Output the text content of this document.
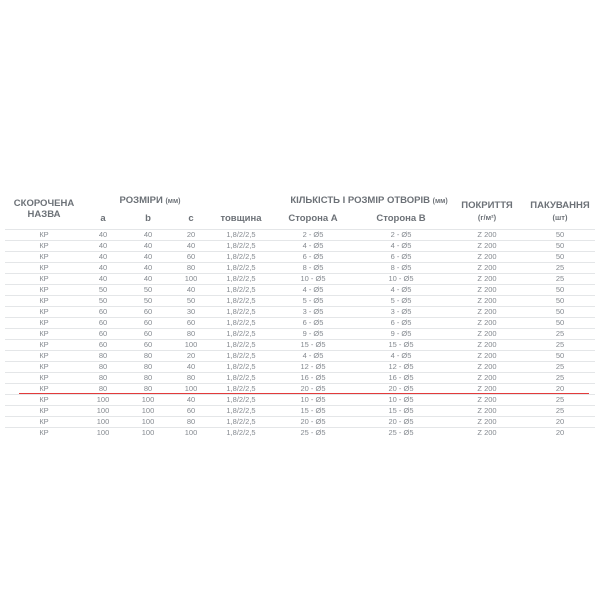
СКОРОЧЕНА
НАЗВА
РОЗМІРИ (мм)
a	b	c	товщина
КІЛЬКІСТЬ І РОЗМІР ОТВОРІВ (мм)
Сторона А	Сторона В
ПОКРИТТЯ
(г/м²)
ПАКУВАННЯ
(шт)
КР	40	40	20	1,8/2/2,5	2 - Ø5	2 - Ø5	Z 200	50
КР	40	40	40	1,8/2/2,5	4 - Ø5	4 - Ø5	Z 200	50
КР	40	40	60	1,8/2/2,5	6 - Ø5	6 - Ø5	Z 200	50
КР	40	40	80	1,8/2/2,5	8 - Ø5	8 - Ø5	Z 200	25
КР	40	40	100	1,8/2/2,5	10 - Ø5	10 - Ø5	Z 200	25
КР	50	50	40	1,8/2/2,5	4 - Ø5	4 - Ø5	Z 200	50
КР	50	50	50	1,8/2/2,5	5 - Ø5	5 - Ø5	Z 200	50
КР	60	60	30	1,8/2/2,5	3 - Ø5	3 - Ø5	Z 200	50
КР	60	60	60	1,8/2/2,5	6 - Ø5	6 - Ø5	Z 200	50
КР	60	60	80	1,8/2/2,5	9 - Ø5	9 - Ø5	Z 200	25
КР	60	60	100	1,8/2/2,5	15 - Ø5	15 - Ø5	Z 200	25
КР	80	80	20	1,8/2/2,5	4 - Ø5	4 - Ø5	Z 200	50
КР	80	80	40	1,8/2/2,5	12 - Ø5	12 - Ø5	Z 200	25
КР	80	80	80	1,8/2/2,5	16 - Ø5	16 - Ø5	Z 200	25
КР	80	80	100	1,8/2/2,5	20 - Ø5	20 - Ø5	Z 200	20
КР	100	100	40	1,8/2/2,5	10 - Ø5	10 - Ø5	Z 200	25
КР	100	100	60	1,8/2/2,5	15 - Ø5	15 - Ø5	Z 200	25
КР	100	100	80	1,8/2/2,5	20 - Ø5	20 - Ø5	Z 200	20
КР	100	100	100	1,8/2/2,5	25 - Ø5	25 - Ø5	Z 200	20
